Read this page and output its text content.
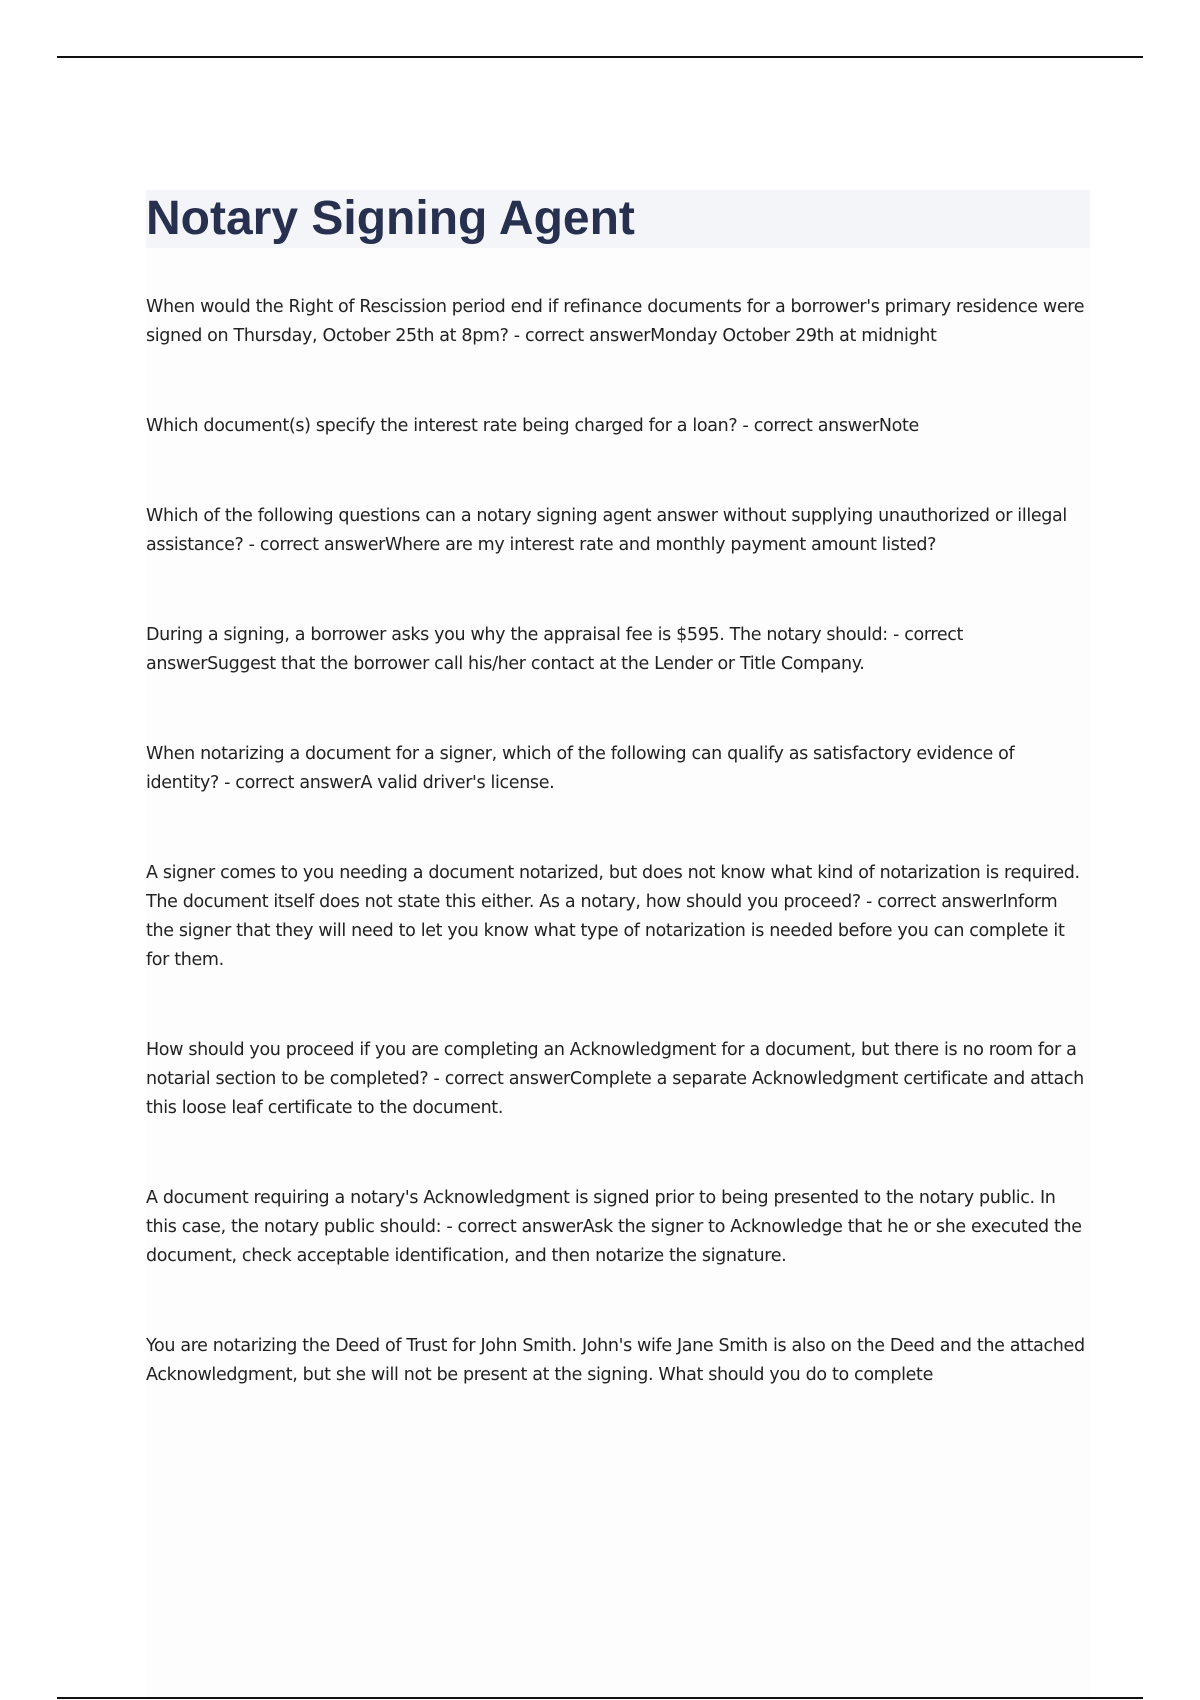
Notary Signing Agent

When would the Right of Rescission period end if refinance documents for a borrower's primary residence were signed on Thursday, October 25th at 8pm? - correct answerMonday October 29th at midnight

Which document(s) specify the interest rate being charged for a loan? - correct answerNote

Which of the following questions can a notary signing agent answer without supplying unauthorized or illegal assistance? - correct answerWhere are my interest rate and monthly payment amount listed?

During a signing, a borrower asks you why the appraisal fee is $595. The notary should: - correct answerSuggest that the borrower call his/her contact at the Lender or Title Company.

When notarizing a document for a signer, which of the following can qualify as satisfactory evidence of identity? - correct answerA valid driver's license.

A signer comes to you needing a document notarized, but does not know what kind of notarization is required. The document itself does not state this either. As a notary, how should you proceed? - correct answerInform the signer that they will need to let you know what type of notarization is needed before you can complete it for them.

How should you proceed if you are completing an Acknowledgment for a document, but there is no room for a notarial section to be completed? - correct answerComplete a separate Acknowledgment certificate and attach this loose leaf certificate to the document.

A document requiring a notary's Acknowledgment is signed prior to being presented to the notary public. In this case, the notary public should: - correct answerAsk the signer to Acknowledge that he or she executed the document, check acceptable identification, and then notarize the signature.

You are notarizing the Deed of Trust for John Smith. John's wife Jane Smith is also on the Deed and the attached Acknowledgment, but she will not be present at the signing. What should you do to complete
